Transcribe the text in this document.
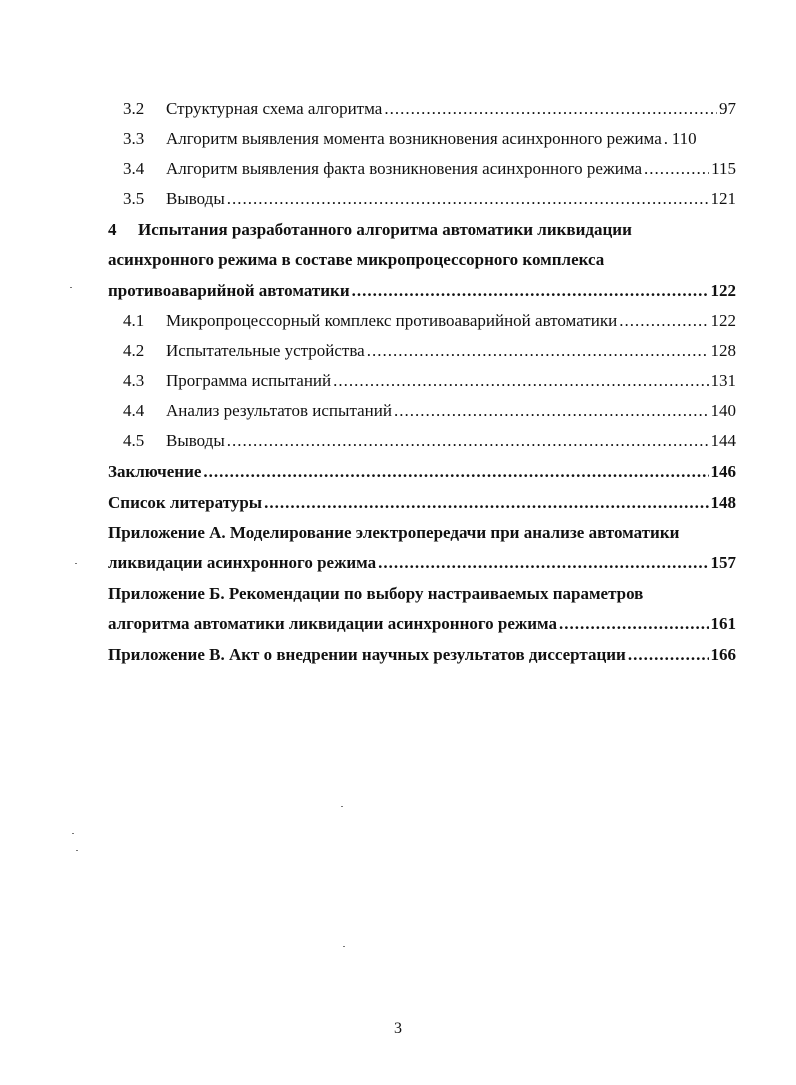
3.2	Структурная схема алгоритма .....	97
3.3	Алгоритм выявления момента возникновения асинхронного режима ..... 110
3.4	Алгоритм выявления факта возникновения асинхронного режима .....	115
3.5	Выводы .....	121
4 Испытания разработанного алгоритма автоматики ликвидации
асинхронного режима в составе микропроцессорного комплекса
противоаварийной автоматики .....	122
4.1	Микропроцессорный комплекс противоаварийной автоматики .....	122
4.2	Испытательные устройства .....	128
4.3	Программа испытаний .....	131
4.4	Анализ результатов испытаний .....	140
4.5	Выводы .....	144
Заключение .....	146
Список литературы .....	148
Приложение А. Моделирование электропередачи при анализе автоматики
ликвидации асинхронного режима .....	157
Приложение Б. Рекомендации по выбору настраиваемых параметров
алгоритма автоматики ликвидации асинхронного режима .....	161
Приложение В. Акт о внедрении научных результатов диссертации .....	166
3
